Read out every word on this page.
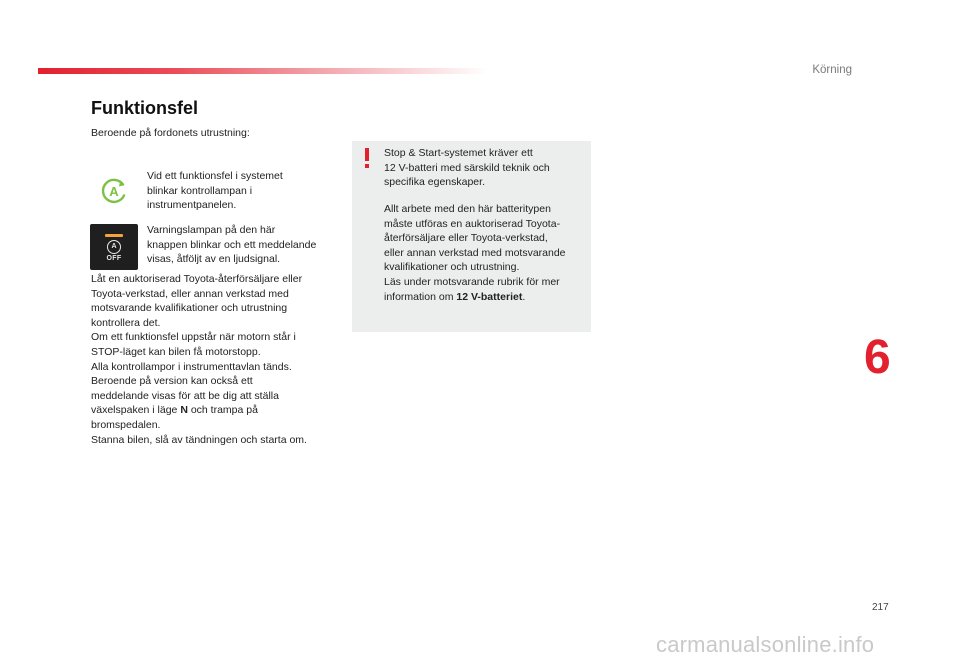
Körning
Funktionsfel
Beroende på fordonets utrustning:
A
Vid ett funktionsfel i systemet
blinkar kontrollampan i
instrumentpanelen.
A
OFF
Varningslampan på den här
knappen blinkar och ett meddelande
visas, åtföljt av en ljudsignal.
Låt en auktoriserad Toyota-återförsäljare eller
Toyota-verkstad, eller annan verkstad med
motsvarande kvalifikationer och utrustning
kontrollera det.
Om ett funktionsfel uppstår när motorn står i
STOP-läget kan bilen få motorstopp.
Alla kontrollampor i instrumenttavlan tänds.
Beroende på version kan också ett
meddelande visas för att be dig att ställa
växelspaken i läge N och trampa på
bromspedalen.
Stanna bilen, slå av tändningen och starta om.
Stop & Start-systemet kräver ett
12 V-batteri med särskild teknik och
specifika egenskaper.
Allt arbete med den här batteritypen
måste utföras en auktoriserad Toyota-
återförsäljare eller Toyota-verkstad,
eller annan verkstad med motsvarande
kvalifikationer och utrustning.
Läs under motsvarande rubrik för mer
information om 12 V-batteriet.
6
217
carmanualsonline.info
